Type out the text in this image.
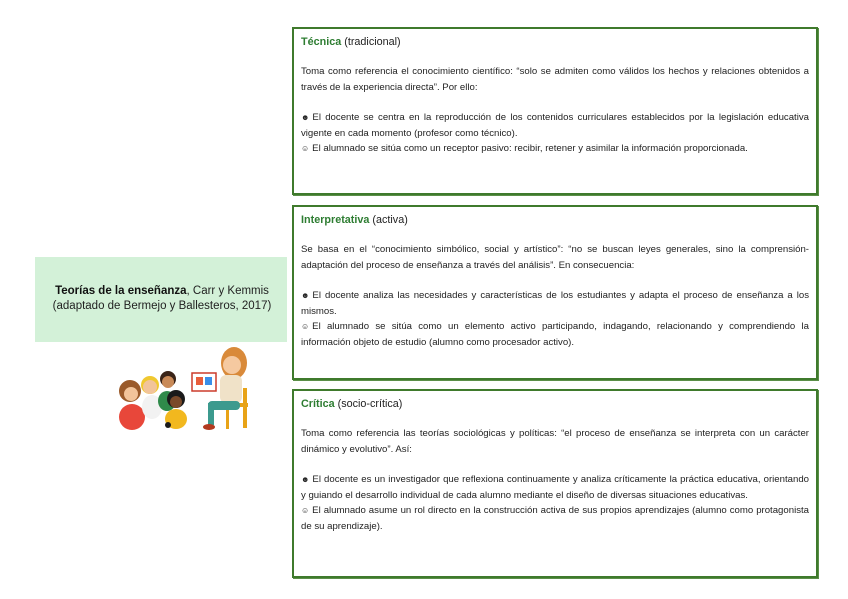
Teorías de la enseñanza, Carr y Kemmis (adaptado de Bermejo y Ballesteros, 2017)
Técnica (tradicional)

Toma como referencia el conocimiento científico: “solo se admiten como válidos los hechos y relaciones obtenidos a través de la experiencia directa”. Por ello:

☻ El docente se centra en la reproducción de los contenidos curriculares establecidos por la legislación educativa vigente en cada momento (profesor como técnico).

☺ El alumnado se sitúa como un receptor pasivo: recibir, retener y asimilar la información proporcionada.

Interpretativa (activa)

Se basa en el “conocimiento simbólico, social y artístico”: “no se buscan leyes generales, sino la comprensión-adaptación del proceso de enseñanza a través del análisis”. En consecuencia:

☻ El docente analiza las necesidades y características de los estudiantes y adapta el proceso de enseñanza a los mismos.

☺ El alumnado se sitúa como un elemento activo participando, indagando, relacionando y comprendiendo la información objeto de estudio (alumno como procesador activo).

Crítica (socio-crítica)

Toma como referencia las teorías sociológicas y políticas: “el proceso de enseñanza se interpreta con un carácter dinámico y evolutivo”. Así:

☻ El docente es un investigador que reflexiona continuamente y analiza críticamente la práctica educativa, orientando y guiando el desarrollo individual de cada alumno mediante el diseño de diversas situaciones educativas.

☺ El alumnado asume un rol directo en la construcción activa de sus propios aprendizajes (alumno como protagonista de su aprendizaje).
